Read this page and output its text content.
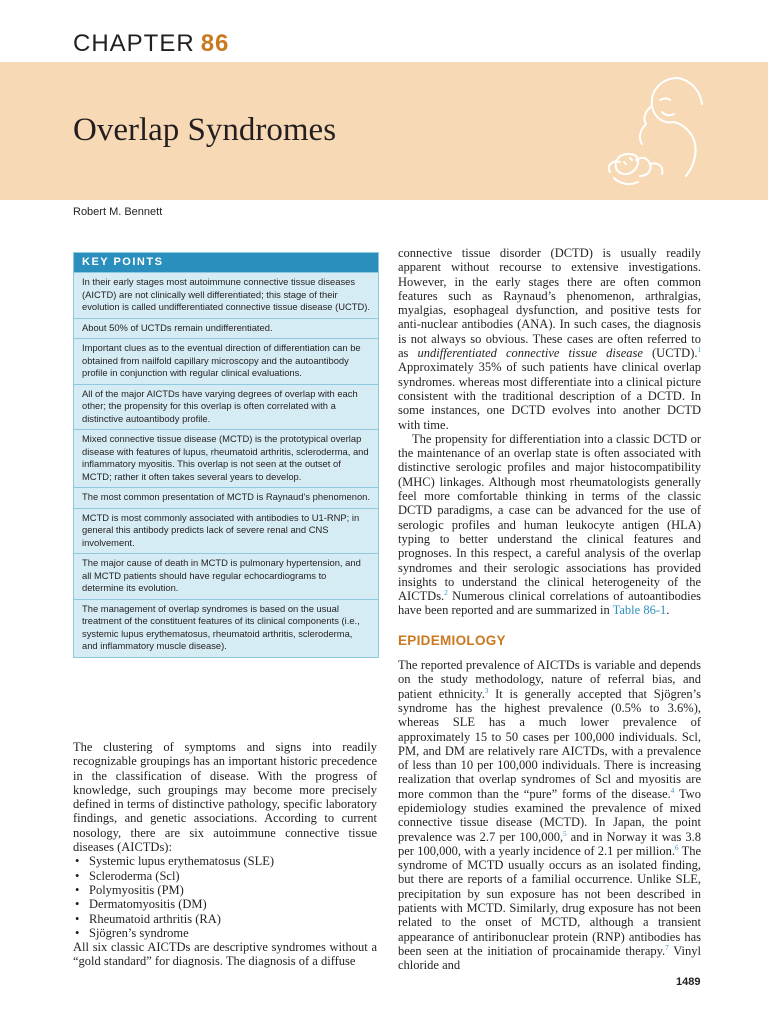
CHAPTER 86
Overlap Syndromes
Robert M. Bennett
KEY POINTS
In their early stages most autoimmune connective tissue diseases (AICTD) are not clinically well differentiated; this stage of their evolution is called undifferentiated connective tissue disease (UCTD).
About 50% of UCTDs remain undifferentiated.
Important clues as to the eventual direction of differentiation can be obtained from nailfold capillary microscopy and the autoantibody profile in conjunction with regular clinical evaluations.
All of the major AICTDs have varying degrees of overlap with each other; the propensity for this overlap is often correlated with a distinctive autoantibody profile.
Mixed connective tissue disease (MCTD) is the prototypical overlap disease with features of lupus, rheumatoid arthritis, scleroderma, and inflammatory myositis. This overlap is not seen at the outset of MCTD; rather it often takes several years to develop.
The most common presentation of MCTD is Raynaud’s phenomenon.
MCTD is most commonly associated with antibodies to U1-RNP; in general this antibody predicts lack of severe renal and CNS involvement.
The major cause of death in MCTD is pulmonary hypertension, and all MCTD patients should have regular echocardiograms to determine its evolution.
The management of overlap syndromes is based on the usual treatment of the constituent features of its clinical components (i.e., systemic lupus erythematosus, rheumatoid arthritis, scleroderma, and inflammatory muscle disease).

The clustering of symptoms and signs into readily recognizable groupings has an important historic precedence in the classification of disease. With the progress of knowledge, such groupings may become more precisely defined in terms of distinctive pathology, specific laboratory findings, and genetic associations. According to current nosology, there are six autoimmune connective tissue diseases (AICTDs):

• Systemic lupus erythematosus (SLE)
• Scleroderma (Scl)
• Polymyositis (PM)
• Dermatomyositis (DM)
• Rheumatoid arthritis (RA)
• Sjögren’s syndrome

All six classic AICTDs are descriptive syndromes without a “gold standard” for diagnosis. The diagnosis of a diffuse

connective tissue disorder (DCTD) is usually readily apparent without recourse to extensive investigations. However, in the early stages there are often common features such as Raynaud’s phenomenon, arthralgias, myalgias, esophageal dysfunction, and positive tests for anti-nuclear antibodies (ANA). In such cases, the diagnosis is not always so obvious. These cases are often referred to as undifferentiated connective tissue disease (UCTD).$^1$ Approximately 35% of such patients have clinical overlap syndromes. whereas most differentiate into a clinical picture consistent with the traditional description of a DCTD. In some instances, one DCTD evolves into another DCTD with time.

The propensity for differentiation into a classic DCTD or the maintenance of an overlap state is often associated with distinctive serologic profiles and major histocompatibility (MHC) linkages. Although most rheumatologists generally feel more comfortable thinking in terms of the classic DCTD paradigms, a case can be advanced for the use of serologic profiles and human leukocyte antigen (HLA) typing to better understand the clinical features and prognoses. In this respect, a careful analysis of the overlap syndromes and their serologic associations has provided insights to understand the clinical heterogeneity of the AICTDs.$^2$ Numerous clinical correlations of autoantibodies have been reported and are summarized in Table 86-1.

EPIDEMIOLOGY

The reported prevalence of AICTDs is variable and depends on the study methodology, nature of referral bias, and patient ethnicity.$^3$ It is generally accepted that Sjögren’s syndrome has the highest prevalence (0.5% to 3.6%), whereas SLE has a much lower prevalence of approximately 15 to 50 cases per 100,000 individuals. Scl, PM, and DM are relatively rare AICTDs, with a prevalence of less than 10 per 100,000 individuals. There is increasing realization that overlap syndromes of Scl and myositis are more common than the “pure” forms of the disease.$^4$ Two epidemiology studies examined the prevalence of mixed connective tissue disease (MCTD). In Japan, the point prevalence was 2.7 per 100,000,$^5$ and in Norway it was 3.8 per 100,000, with a yearly incidence of 2.1 per million.$^6$ The syndrome of MCTD usually occurs as an isolated finding, but there are reports of a familial occurrence. Unlike SLE, precipitation by sun exposure has not been described in patients with MCTD. Similarly, drug exposure has not been related to the onset of MCTD, although a transient appearance of antiribonuclear protein (RNP) antibodies has been seen at the initiation of procainamide therapy.$^7$ Vinyl chloride and

1489
